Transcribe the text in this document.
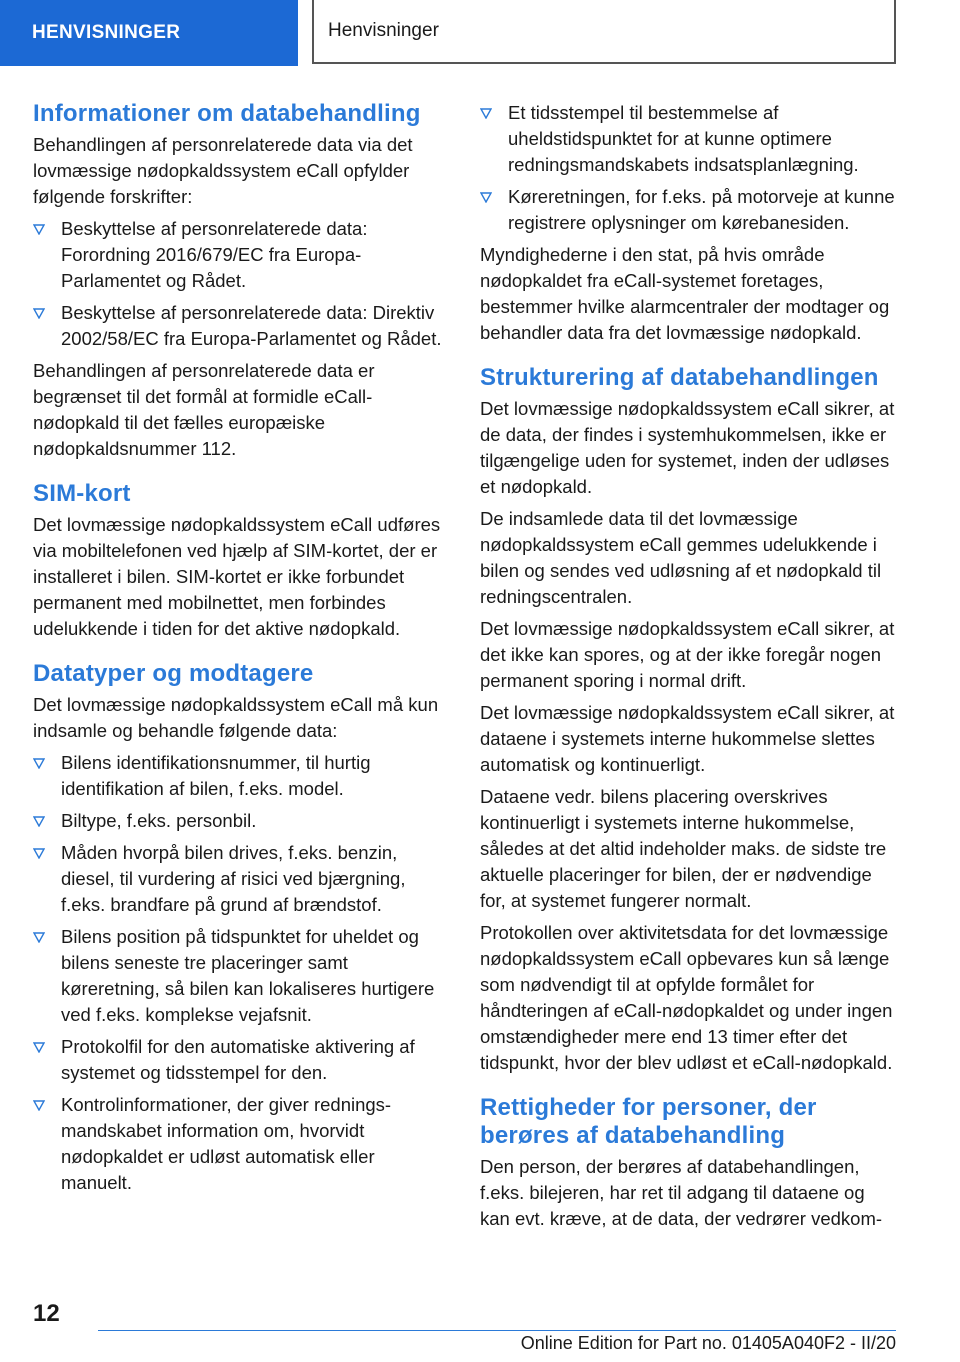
HENVISNINGER	Henvisninger
Informationer om databehandling

Behandlingen af personrelaterede data via det lovmæssige nødopkaldssystem eCall opfylder følgende forskrifter:

Beskyttelse af personrelaterede data: Forordning 2016/679/EC fra Europa-Parlamentet og Rådet.
Beskyttelse af personrelaterede data: Direktiv 2002/58/EC fra Europa-Parlamentet og Rådet.

Behandlingen af personrelaterede data er begrænset til det formål at formidle eCall-nødopkald til det fælles europæiske nødopkaldsnummer 112.

SIM-kort

Det lovmæssige nødopkaldssystem eCall udføres via mobiltelefonen ved hjælp af SIM-kortet, der er installeret i bilen. SIM-kortet er ikke forbundet permanent med mobilnettet, men forbindes udelukkende i tiden for det aktive nødopkald.

Datatyper og modtagere

Det lovmæssige nødopkaldssystem eCall må kun indsamle og behandle følgende data:

Bilens identifikationsnummer, til hurtig identifikation af bilen, f.eks. model.
Biltype, f.eks. personbil.
Måden hvorpå bilen drives, f.eks. benzin, diesel, til vurdering af risici ved bjærgning, f.eks. brandfare på grund af brændstof.
Bilens position på tidspunktet for uheldet og bilens seneste tre placeringer samt køreretning, så bilen kan lokaliseres hurtigere ved f.eks. komplekse vejafsnit.
Protokolfil for den automatiske aktivering af systemet og tidsstempel for den.
Kontrolinformationer, der giver rednings-mandskabet information om, hvorvidt nødopkaldet er udløst automatisk eller manuelt.
Et tidsstempel til bestemmelse af uheldstidspunktet for at kunne optimere redningsmandskabets indsatsplanlægning.
Køreretningen, for f.eks. på motorveje at kunne registrere oplysninger om kørebanesiden.

Myndighederne i den stat, på hvis område nødopkaldet fra eCall-systemet foretages, bestemmer hvilke alarmcentraler der modtager og behandler data fra det lovmæssige nødopkald.

Strukturering af databehandlingen

Det lovmæssige nødopkaldssystem eCall sikrer, at de data, der findes i systemhukommelsen, ikke er tilgængelige uden for systemet, inden der udløses et nødopkald.

De indsamlede data til det lovmæssige nødopkaldssystem eCall gemmes udelukkende i bilen og sendes ved udløsning af et nødopkald til redningscentralen.

Det lovmæssige nødopkaldssystem eCall sikrer, at det ikke kan spores, og at der ikke foregår nogen permanent sporing i normal drift.

Det lovmæssige nødopkaldssystem eCall sikrer, at dataene i systemets interne hukommelse slettes automatisk og kontinuerligt.

Dataene vedr. bilens placering overskrives kontinuerligt i systemets interne hukommelse, således at det altid indeholder maks. de sidste tre aktuelle placeringer for bilen, der er nødvendige for, at systemet fungerer normalt.

Protokollen over aktivitetsdata for det lovmæssige nødopkaldssystem eCall opbevares kun så længe som nødvendigt til at opfylde formålet for håndteringen af eCall-nødopkaldet og under ingen omstændigheder mere end 13 timer efter det tidspunkt, hvor der blev udløst et eCall-nødopkald.

Rettigheder for personer, der berøres af databehandling

Den person, der berøres af databehandlingen, f.eks. bilejeren, har ret til adgang til dataene og kan evt. kræve, at de data, der vedrører vedkom-

12
Online Edition for Part no. 01405A040F2 - II/20
